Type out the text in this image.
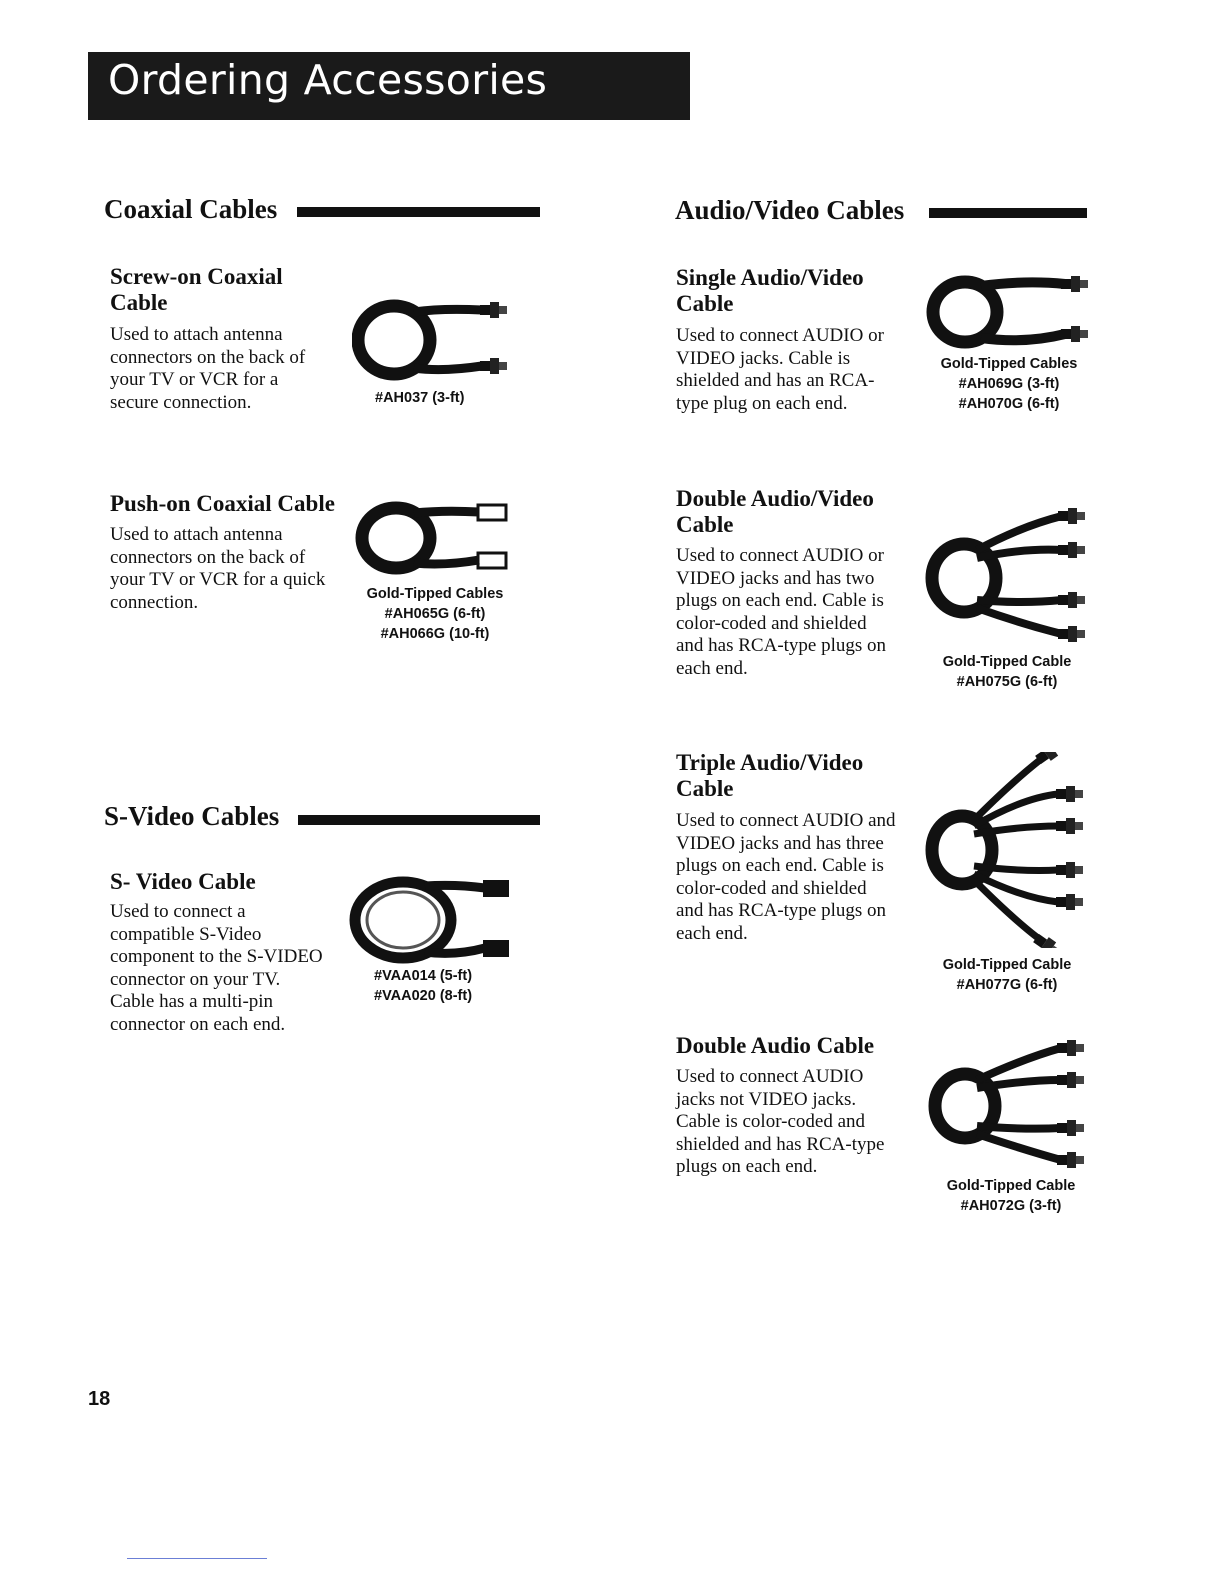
Ordering Accessories
Coaxial Cables
Screw-on Coaxial
Cable
Used to attach antenna
connectors on the back of
your TV or VCR for a
secure connection.	#AH037 (3-ft)
Push-on Coaxial Cable
Used to attach antenna
connectors on the back of
your TV or VCR for a quick
connection.	Gold-Tipped Cables
#AH065G (6-ft)
#AH066G (10-ft)
S-Video Cables
S- Video Cable
Used to connect a
compatible S-Video
component to the S-VIDEO
connector on your TV.
Cable has a multi-pin
connector on each end.
#VAA014 (5-ft)
#VAA020 (8-ft)
Audio/Video Cables
Single Audio/Video
Cable
Used to connect AUDIO or
VIDEO jacks. Cable is
shielded and has an RCA-
type plug on each end.
Gold-Tipped Cables
#AH069G (3-ft)
#AH070G (6-ft)
Double Audio/Video
Cable
Used to connect AUDIO or
VIDEO jacks and has two
plugs on each end. Cable is
color-coded and shielded
and has RCA-type plugs on
each end.	Gold-Tipped Cable
#AH075G (6-ft)
Triple Audio/Video
Cable
Used to connect AUDIO and
VIDEO jacks and has three
plugs on each end. Cable is
color-coded and shielded
and has RCA-type plugs on
each end.
Gold-Tipped Cable
#AH077G (6-ft)
Double Audio Cable
Used to connect AUDIO
jacks not VIDEO jacks.
Cable is color-coded and
shielded and has RCA-type
plugs on each end.
Gold-Tipped Cable
#AH072G (3-ft)
18
